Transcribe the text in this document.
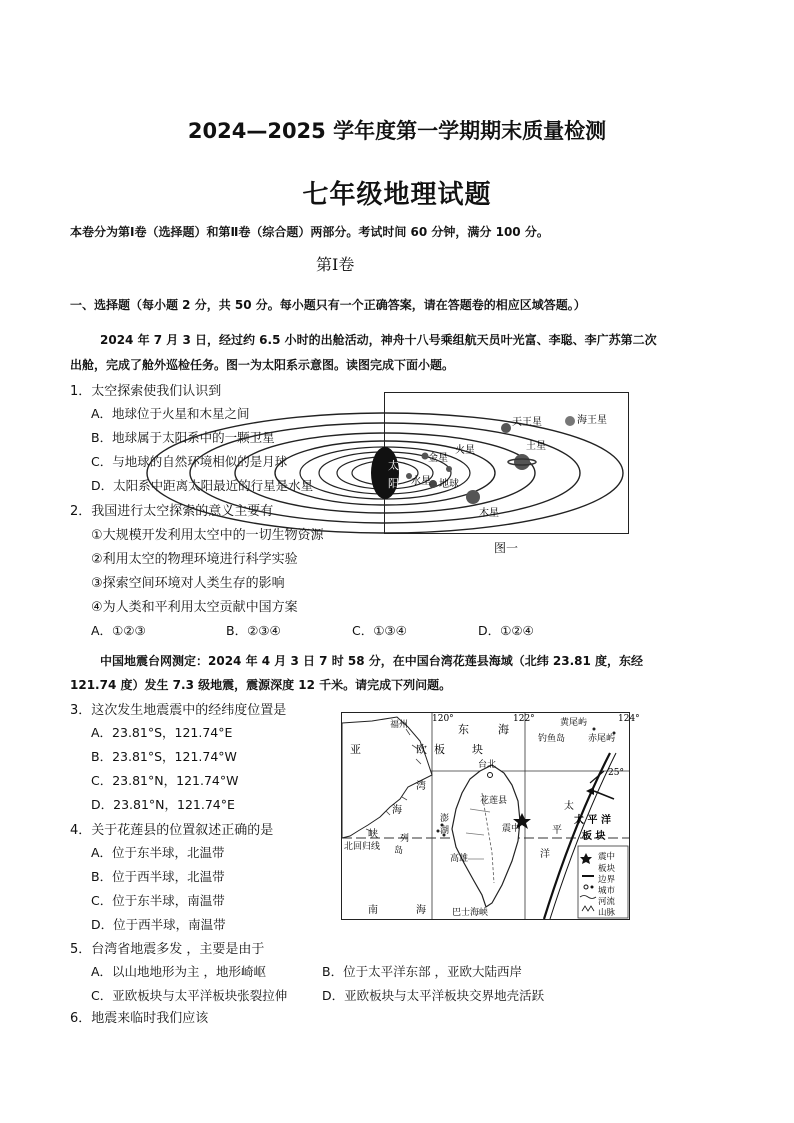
2024—2025 学年度第一学期期末质量检测
七年级地理试题
本卷分为第Ⅰ卷（选择题）和第Ⅱ卷（综合题）两部分。考试时间 60 分钟，满分 100 分。
第Ⅰ卷
一、选择题（每小题 2 分，共 50 分。每小题只有一个正确答案，请在答题卷的相应区域答题。）
2024 年 7 月 3 日，经过约 6.5 小时的出舱活动，神舟十八号乘组航天员叶光富、李聪、李广苏第二次
出舱，完成了舱外巡检任务。图一为太阳系示意图。读图完成下面小题。
1．太空探索使我们认识到
A．地球位于火星和木星之间
B．地球属于太阳系中的一颗卫星
C．与地球的自然环境相似的是月球
D．太阳系中距离太阳最近的行星是水星
2．我国进行太空探索的意义主要有
①大规模开发利用太空中的一切生物资源
②利用太空的物理环境进行科学实验
③探索空间环境对人类生存的影响
④为人类和平利用太空贡献中国方案
A．①②③	B．②③④	C．①③④	D．①②④
太
阳 水星
金星
地球
火星
木星
土星
天王星	海王星
图一
中国地震台网测定：2024 年 4 月 3 日 7 时 58 分，在中国台湾花莲县海域（北纬 23.81 度，东经
121.74 度）发生 7.3 级地震，震源深度 12 千米。请完成下列问题。
3．这次发生地震震中的经纬度位置是
A．23.81°S，121.74°E
B．23.81°S，121.74°W
C．23.81°N，121.74°W
D．23.81°N，121.74°E
4．关于花莲县的位置叙述正确的是
A．位于东半球，北温带
B．位于西半球，北温带
C．位于东半球，南温带
D．位于西半球，南温带
福州
120°	122°	124°
东	海	黄尾屿
钓鱼岛	赤尾屿
亚	欧 板 块
台北
25°
湾
海
峡
澎
湖
列
岛
花莲县
震中
太
平
洋
太 平 洋
板 块
北回归线
高雄
南	海	巴士海峡
震中
板块
边界
城市
河流
山脉
5．台湾省地震多发 ，主要是由于
A．以山地地形为主 ，地形崎岖	B．位于太平洋东部 ，亚欧大陆西岸
C．亚欧板块与太平洋板块张裂拉伸	D．亚欧板块与太平洋板块交界地壳活跃
6．地震来临时我们应该
